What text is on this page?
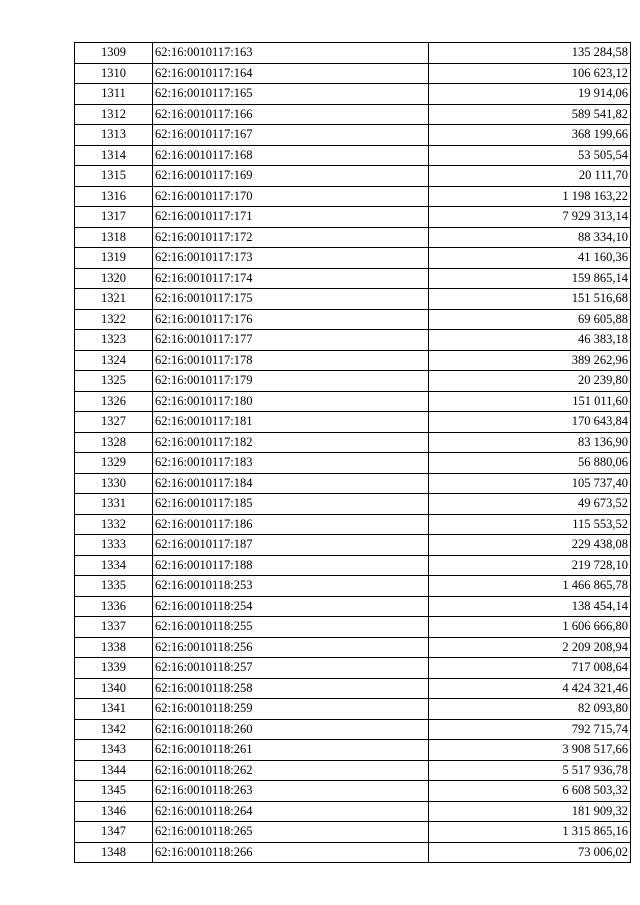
1309	62:16:0010117:163	135 284,58
1310	62:16:0010117:164	106 623,12
1311	62:16:0010117:165	19 914,06
1312	62:16:0010117:166	589 541,82
1313	62:16:0010117:167	368 199,66
1314	62:16:0010117:168	53 505,54
1315	62:16:0010117:169	20 111,70
1316	62:16:0010117:170	1 198 163,22
1317	62:16:0010117:171	7 929 313,14
1318	62:16:0010117:172	88 334,10
1319	62:16:0010117:173	41 160,36
1320	62:16:0010117:174	159 865,14
1321	62:16:0010117:175	151 516,68
1322	62:16:0010117:176	69 605,88
1323	62:16:0010117:177	46 383,18
1324	62:16:0010117:178	389 262,96
1325	62:16:0010117:179	20 239,80
1326	62:16:0010117:180	151 011,60
1327	62:16:0010117:181	170 643,84
1328	62:16:0010117:182	83 136,90
1329	62:16:0010117:183	56 880,06
1330	62:16:0010117:184	105 737,40
1331	62:16:0010117:185	49 673,52
1332	62:16:0010117:186	115 553,52
1333	62:16:0010117:187	229 438,08
1334	62:16:0010117:188	219 728,10
1335	62:16:0010118:253	1 466 865,78
1336	62:16:0010118:254	138 454,14
1337	62:16:0010118:255	1 606 666,80
1338	62:16:0010118:256	2 209 208,94
1339	62:16:0010118:257	717 008,64
1340	62:16:0010118:258	4 424 321,46
1341	62:16:0010118:259	82 093,80
1342	62:16:0010118:260	792 715,74
1343	62:16:0010118:261	3 908 517,66
1344	62:16:0010118:262	5 517 936,78
1345	62:16:0010118:263	6 608 503,32
1346	62:16:0010118:264	181 909,32
1347	62:16:0010118:265	1 315 865,16
1348	62:16:0010118:266	73 006,02
